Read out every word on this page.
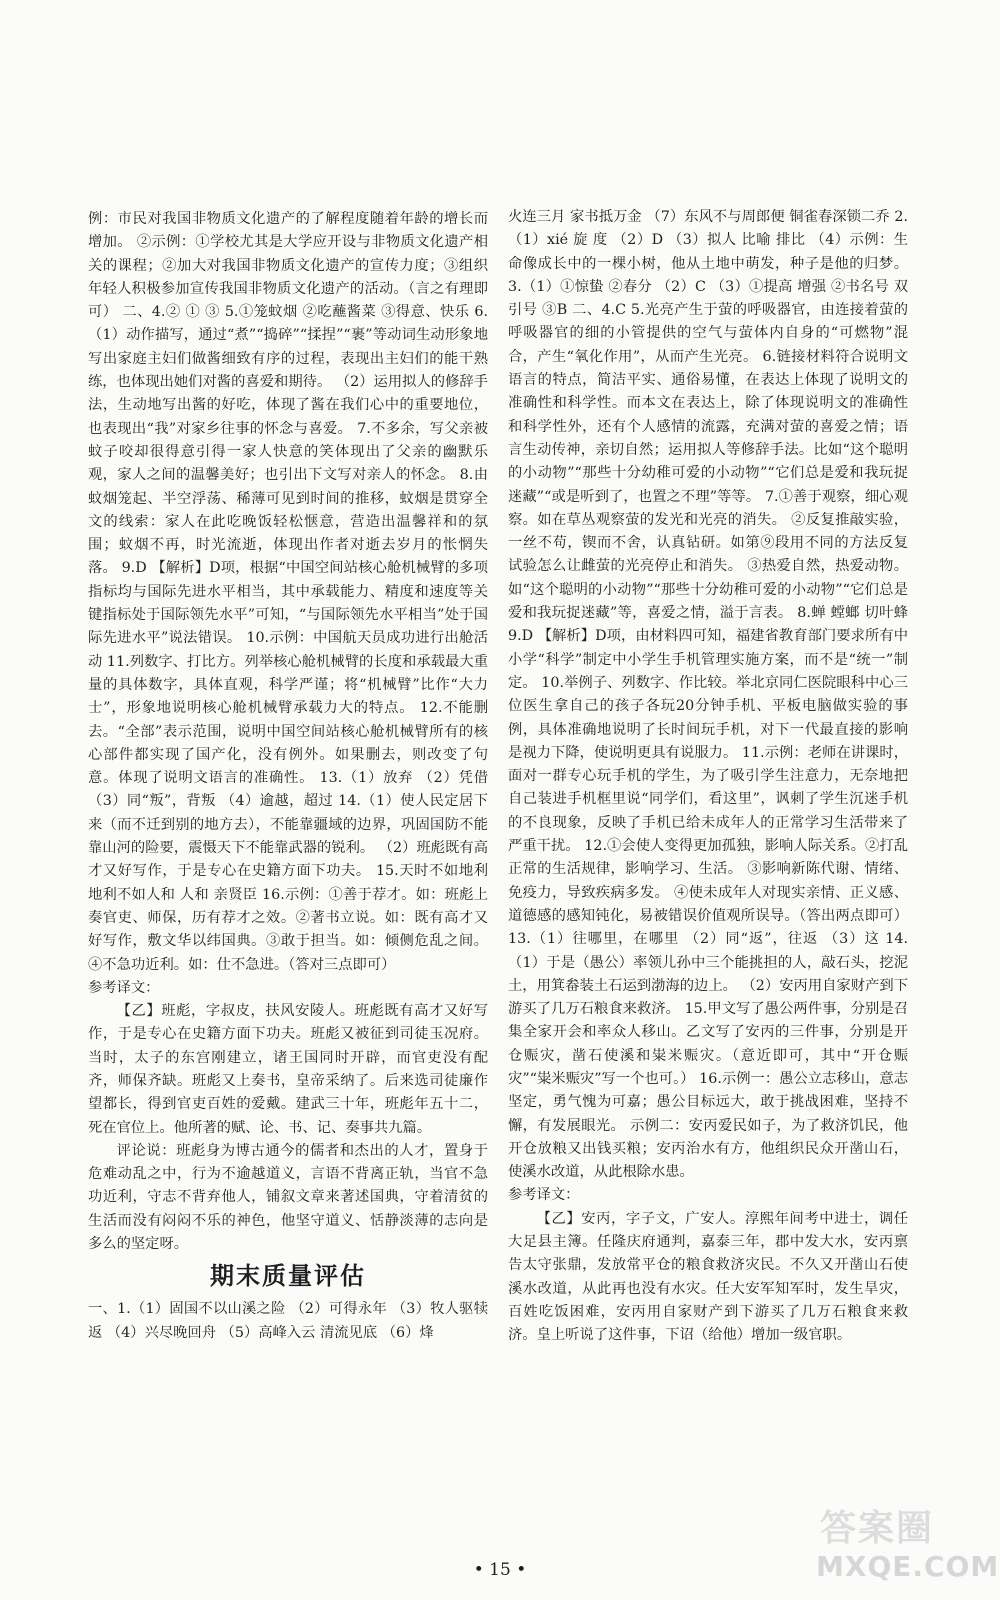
例：市民对我国非物质文化遗产的了解程度随着年龄的增长而增加。 ②示例：①学校尤其是大学应开设与非物质文化遗产相关的课程；②加大对我国非物质文化遗产的宣传力度；③组织年轻人积极参加宣传我国非物质文化遗产的活动。（言之有理即可） 二、4.② ① ③ 5.①笼蚊烟 ②吃蘸酱菜 ③得意、快乐 6.（1）动作描写，通过“煮”“捣碎”“揉捏”“裹”等动词生动形象地写出家庭主妇们做酱细致有序的过程，表现出主妇们的能干熟练，也体现出她们对酱的喜爱和期待。 （2）运用拟人的修辞手法，生动地写出酱的好吃，体现了酱在我们心中的重要地位，也表现出“我”对家乡往事的怀念与喜爱。 7.不多余，写父亲被蚊子咬却很得意引得一家人快意的笑体现出了父亲的幽默乐观，家人之间的温馨美好；也引出下文写对亲人的怀念。 8.由蚊烟笼起、半空浮荡、稀薄可见到时间的推移，蚊烟是贯穿全文的线索：家人在此吃晚饭轻松惬意，营造出温馨祥和的氛围；蚊烟不再，时光流逝，体现出作者对逝去岁月的怅惘失落。 9.D 【解析】D项，根据“中国空间站核心舱机械臂的多项指标均与国际先进水平相当，其中承载能力、精度和速度等关键指标处于国际领先水平”可知，“与国际领先水平相当”处于国际先进水平”说法错误。 10.示例：中国航天员成功进行出舱活动 11.列数字、打比方。列举核心舱机械臂的长度和承载最大重量的具体数字，具体直观，科学严谨；将“机械臂”比作“大力士”，形象地说明核心舱机械臂承载力大的特点。 12.不能删去。“全部”表示范围，说明中国空间站核心舱机械臂所有的核心部件都实现了国产化，没有例外。如果删去，则改变了句意。体现了说明文语言的准确性。 13.（1）放弃 （2）凭借 （3）同“叛”，背叛 （4）逾越，超过 14.（1）使人民定居下来（而不迁到别的地方去），不能靠疆域的边界，巩固国防不能靠山河的险要，震慑天下不能靠武器的锐利。 （2）班彪既有高才又好写作，于是专心在史籍方面下功夫。 15.天时不如地利 地利不如人和 人和 亲贤臣 16.示例：①善于荐才。如：班彪上奏官吏、师保，历有荐才之效。②著书立说。如：既有高才又好写作，敷文华以纬国典。③敢于担当。如：倾侧危乱之间。④不急功近利。如：仕不急进。（答对三点即可）

参考译文：

【乙】班彪，字叔皮，扶风安陵人。班彪既有高才又好写作，于是专心在史籍方面下功夫。班彪又被征到司徒玉况府。当时，太子的东宫刚建立，诸王国同时开辟，而官吏没有配齐，师保齐缺。班彪又上奏书，皇帝采纳了。后来选司徒廉作望都长，得到官吏百姓的爱戴。建武三十年，班彪年五十二，死在官位上。他所著的赋、论、书、记、奏事共九篇。

评论说：班彪身为博古通今的儒者和杰出的人才，置身于危难动乱之中，行为不逾越道义，言语不背离正轨，当官不急功近利，守志不背弃他人，铺叙文章来著述国典，守着清贫的生活而没有闷闷不乐的神色，他坚守道义、恬静淡薄的志向是多么的坚定呀。

期末质量评估

一、1.（1）固国不以山溪之险 （2）可得永年 （3）牧人驱犊返 （4）兴尽晚回舟 （5）高峰入云 清流见底 （6）烽

火连三月 家书抵万金 （7）东风不与周郎便 铜雀春深锁二乔 2.（1）xié 旋 度 （2）D （3）拟人 比喻 排比 （4）示例：生命像成长中的一棵小树，他从土地中萌发，种子是他的归梦。 3.（1）①惊蛰 ②春分 （2）C （3）①提高 增强 ②书名号 双引号 ③B 二、4.C 5.光亮产生于萤的呼吸器官，由连接着萤的呼吸器官的细的小管提供的空气与萤体内自身的“可燃物”混合，产生“氧化作用”，从而产生光亮。 6.链接材料符合说明文语言的特点，简洁平实、通俗易懂，在表达上体现了说明文的准确性和科学性。而本文在表达上，除了体现说明文的准确性和科学性外，还有个人感情的流露，充满对萤的喜爱之情；语言生动传神，亲切自然；运用拟人等修辞手法。比如“这个聪明的小动物”“那些十分幼稚可爱的小动物”“它们总是爱和我玩捉迷藏”“或是听到了，也置之不理”等等。 7.①善于观察，细心观察。如在草丛观察萤的发光和光亮的消失。 ②反复推敲实验，一丝不苟，锲而不舍，认真钻研。如第⑨段用不同的方法反复试验怎么让雌萤的光亮停止和消失。 ③热爱自然，热爱动物。如“这个聪明的小动物”“那些十分幼稚可爱的小动物”“它们总是爱和我玩捉迷藏”等，喜爱之情，溢于言表。 8.蝉 螳螂 切叶蜂 9.D 【解析】D项，由材料四可知，福建省教育部门要求所有中小学“科学”制定中小学生手机管理实施方案，而不是“统一”制定。 10.举例子、列数字、作比较。举北京同仁医院眼科中心三位医生拿自己的孩子各玩20分钟手机、平板电脑做实验的事例，具体准确地说明了长时间玩手机，对下一代最直接的影响是视力下降，使说明更具有说服力。 11.示例：老师在讲课时，面对一群专心玩手机的学生，为了吸引学生注意力，无奈地把自己装进手机框里说“同学们，看这里”，讽刺了学生沉迷手机的不良现象，反映了手机已给未成年人的正常学习生活带来了严重干扰。 12.①会使人变得更加孤独，影响人际关系。②打乱正常的生活规律，影响学习、生活。 ③影响新陈代谢、情绪、免疫力，导致疾病多发。 ④使未成年人对现实亲情、正义感、道德感的感知钝化，易被错误价值观所误导。（答出两点即可） 13.（1）往哪里，在哪里 （2）同“返”，往返 （3）这 14.（1）于是（愚公）率领儿孙中三个能挑担的人，敲石头，挖泥土，用箕畚装土石运到渤海的边上。 （2）安丙用自家财产到下游买了几万石粮食来救济。 15.甲文写了愚公两件事，分别是召集全家开会和率众人移山。乙文写了安丙的三件事，分别是开仓赈灾，凿石使溪和粜米赈灾。（意近即可，其中“开仓赈灾”“粜米赈灾”写一个也可。） 16.示例一：愚公立志移山，意志坚定，勇气愧为可嘉；愚公目标远大，敢于挑战困难，坚持不懈，有发展眼光。 示例二：安丙爱民如子，为了救济饥民，他开仓放粮又出钱买粮；安丙治水有方，他组织民众开凿山石，使溪水改道，从此根除水患。

参考译文：

【乙】安丙，字子文，广安人。淳熙年间考中进士，调任大足县主簿。任隆庆府通判，嘉泰三年，郡中发大水，安丙禀告太守张鼎，发放常平仓的粮食救济灾民。不久又开凿山石使溪水改道，从此再也没有水灾。任大安军知军时，发生旱灾，百姓吃饭困难，安丙用自家财产到下游买了几万石粮食来救济。皇上听说了这件事，下诏（给他）增加一级官职。

• 15 •
答案圈
MXQE.COM
